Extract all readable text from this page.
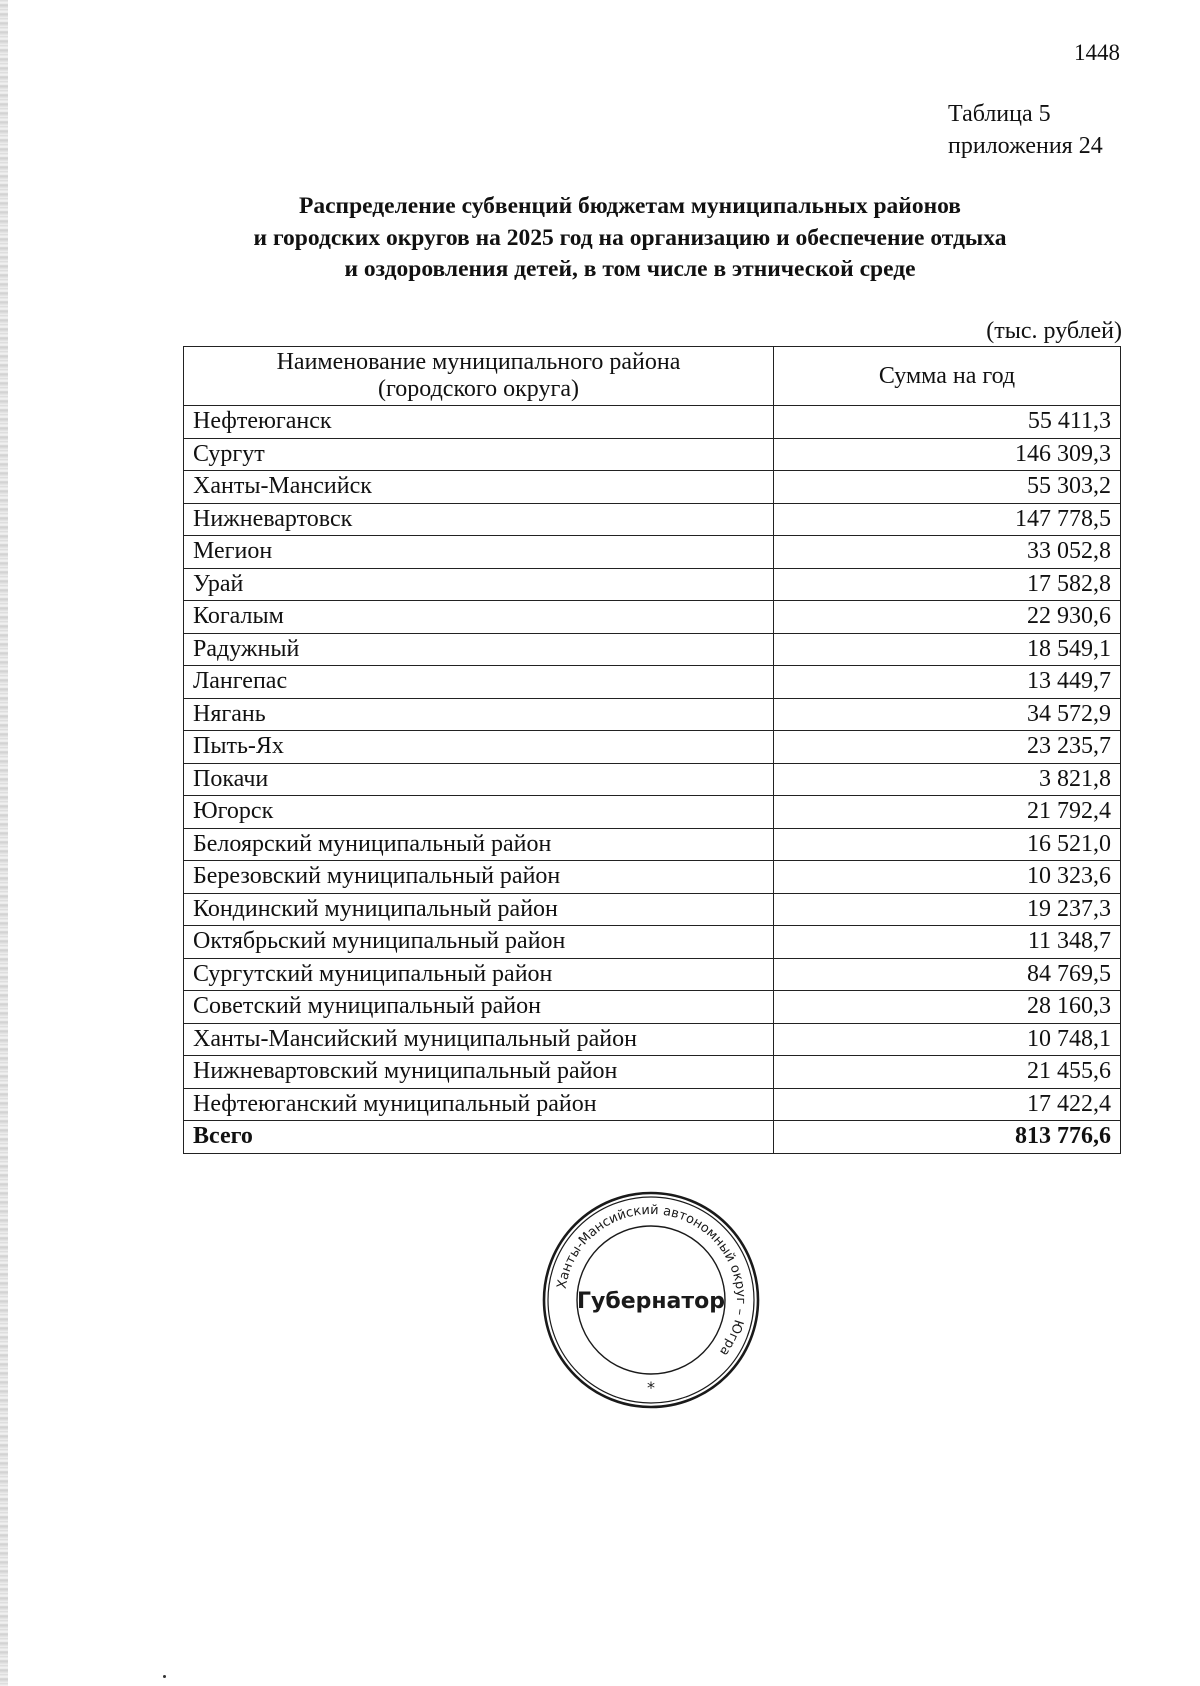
1448
Таблица 5
приложения 24
Распределение субвенций бюджетам муниципальных районов
и городских округов на 2025 год на организацию и обеспечение отдыха
и оздоровления детей, в том числе в этнической среде
(тыс. рублей)
Наименование муниципального района
(городского округа)	Сумма на год
Нефтеюганск	55 411,3
Сургут	146 309,3
Ханты-Мансийск	55 303,2
Нижневартовск	147 778,5
Мегион	33 052,8
Урай	17 582,8
Когалым	22 930,6
Радужный	18 549,1
Лангепас	13 449,7
Нягань	34 572,9
Пыть-Ях	23 235,7
Покачи	3 821,8
Югорск	21 792,4
Белоярский муниципальный район	16 521,0
Березовский муниципальный район	10 323,6
Кондинский муниципальный район	19 237,3
Октябрьский муниципальный район	11 348,7
Сургутский муниципальный район	84 769,5
Советский муниципальный район	28 160,3
Ханты-Мансийский муниципальный район	10 748,1
Нижневартовский муниципальный район	21 455,6
Нефтеюганский муниципальный район	17 422,4
Всего	813 776,6
Ханты-Мансийский автономный округ – Югра
Губернатор
*
